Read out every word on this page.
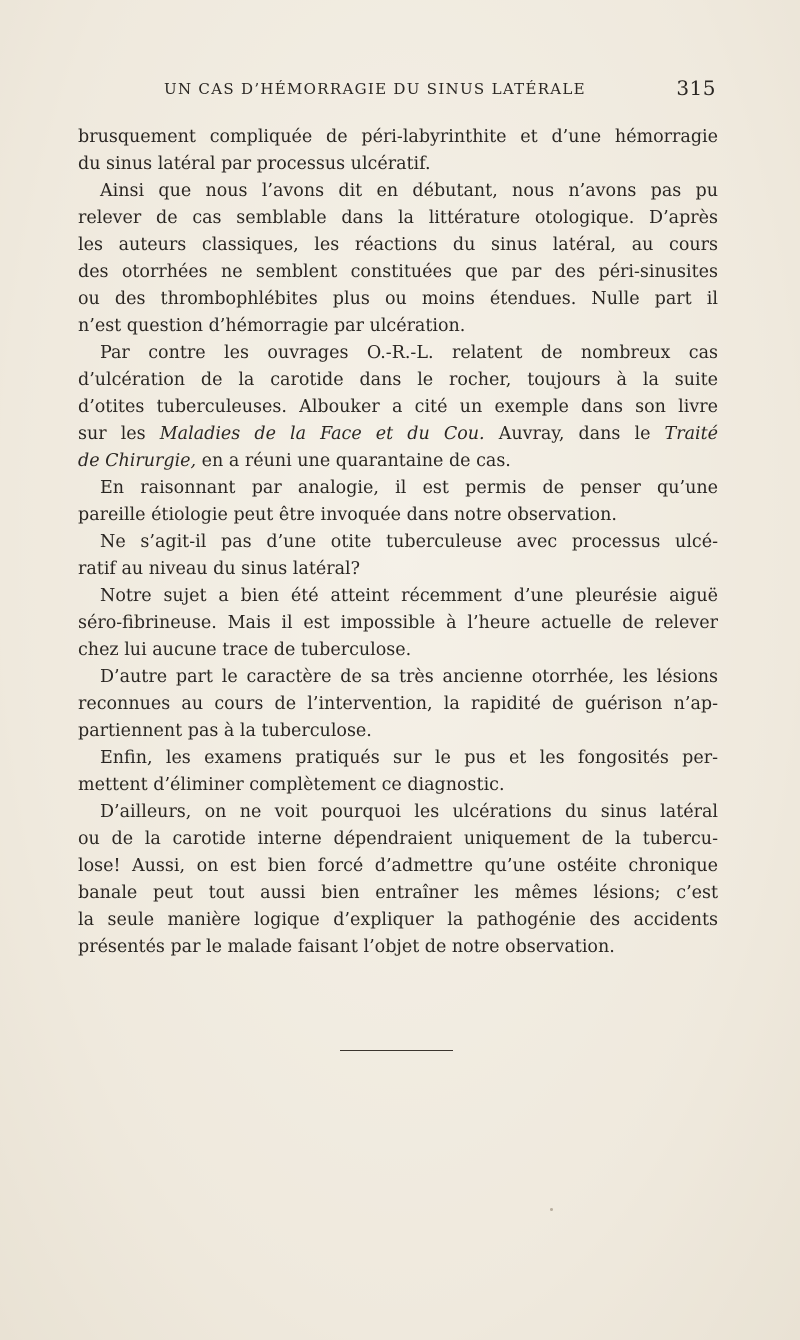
UN CAS D’HÉMORRAGIE DU SINUS LATÉRALE	315
brusquement compliquée de péri-labyrinthite et d’une hémorragie
du sinus latéral par processus ulcératif.
Ainsi que nous l’avons dit en débutant, nous n’avons pas pu
relever de cas semblable dans la littérature otologique. D’après
les auteurs classiques, les réactions du sinus latéral, au cours
des otorrhées ne semblent constituées que par des péri-sinusites
ou des thrombophlébites plus ou moins étendues. Nulle part il
n’est question d’hémorragie par ulcération.
Par contre les ouvrages O.-R.-L. relatent de nombreux cas
d’ulcération de la carotide dans le rocher, toujours à la suite
d’otites tuberculeuses. Albouker a cité un exemple dans son livre
sur les Maladies de la Face et du Cou. Auvray, dans le Traité
de Chirurgie, en a réuni une quarantaine de cas.
En raisonnant par analogie, il est permis de penser qu’une
pareille étiologie peut être invoquée dans notre observation.
Ne s’agit-il pas d’une otite tuberculeuse avec processus ulcé-
ratif au niveau du sinus latéral?
Notre sujet a bien été atteint récemment d’une pleurésie aiguë
séro-fibrineuse. Mais il est impossible à l’heure actuelle de relever
chez lui aucune trace de tuberculose.
D’autre part le caractère de sa très ancienne otorrhée, les lésions
reconnues au cours de l’intervention, la rapidité de guérison n’ap-
partiennent pas à la tuberculose.
Enfin, les examens pratiqués sur le pus et les fongosités per-
mettent d’éliminer complètement ce diagnostic.
D’ailleurs, on ne voit pourquoi les ulcérations du sinus latéral
ou de la carotide interne dépendraient uniquement de la tubercu-
lose! Aussi, on est bien forcé d’admettre qu’une ostéite chronique
banale peut tout aussi bien entraîner les mêmes lésions; c’est
la seule manière logique d’expliquer la pathogénie des accidents
présentés par le malade faisant l’objet de notre observation.
